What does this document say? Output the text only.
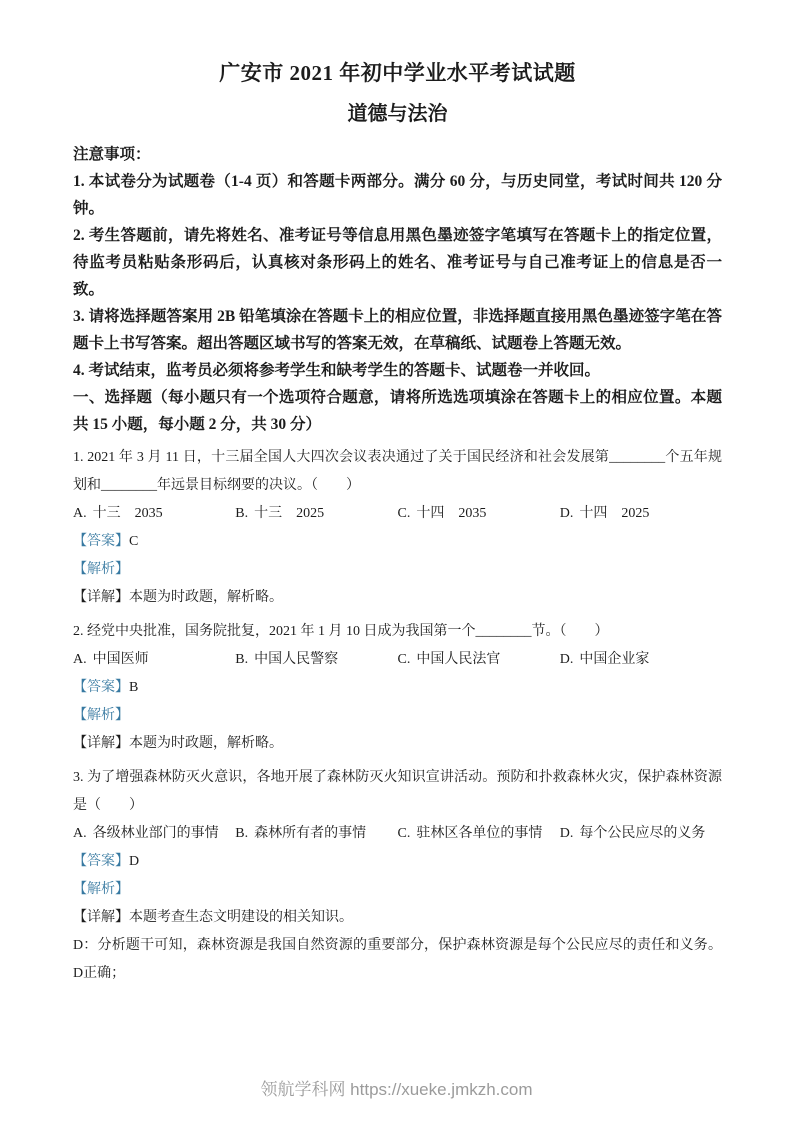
广安市 2021 年初中学业水平考试试题
道德与法治

注意事项：

1. 本试卷分为试题卷（1-4 页）和答题卡两部分。满分 60 分，与历史同堂，考试时间共 120 分钟。

2. 考生答题前，请先将姓名、准考证号等信息用黑色墨迹签字笔填写在答题卡上的指定位置，待监考员粘贴条形码后，认真核对条形码上的姓名、准考证号与自己准考证上的信息是否一致。

3. 请将选择题答案用 2B 铅笔填涂在答题卡上的相应位置，非选择题直接用黑色墨迹签字笔在答题卡上书写答案。超出答题区域书写的答案无效，在草稿纸、试题卷上答题无效。

4. 考试结束，监考员必须将参考学生和缺考学生的答题卡、试题卷一并收回。

一、选择题（每小题只有一个选项符合题意，请将所选选项填涂在答题卡上的相应位置。本题共 15 小题，每小题 2 分，共 30 分）

1. 2021 年 3 月 11 日，十三届全国人大四次会议表决通过了关于国民经济和社会发展第________个五年规划和________年远景目标纲要的决议。（　　）

A. 十三　2035	B. 十三　2025	C. 十四　2035	D. 十四　2025

【答案】C

【解析】

【详解】本题为时政题，解析略。

2. 经党中央批准，国务院批复，2021 年 1 月 10 日成为我国第一个________节。（　　）

A. 中国医师	B. 中国人民警察	C. 中国人民法官	D. 中国企业家

【答案】B

【解析】

【详解】本题为时政题，解析略。

3. 为了增强森林防灭火意识，各地开展了森林防灭火知识宣讲活动。预防和扑救森林火灾，保护森林资源是（　　）

A. 各级林业部门的事情	B. 森林所有者的事情	C. 驻林区各单位的事情	D. 每个公民应尽的义务

【答案】D

【解析】

【详解】本题考查生态文明建设的相关知识。

D：分析题干可知，森林资源是我国自然资源的重要部分，保护森林资源是每个公民应尽的责任和义务。D正确；

领航学科网 https://xueke.jmkzh.com
